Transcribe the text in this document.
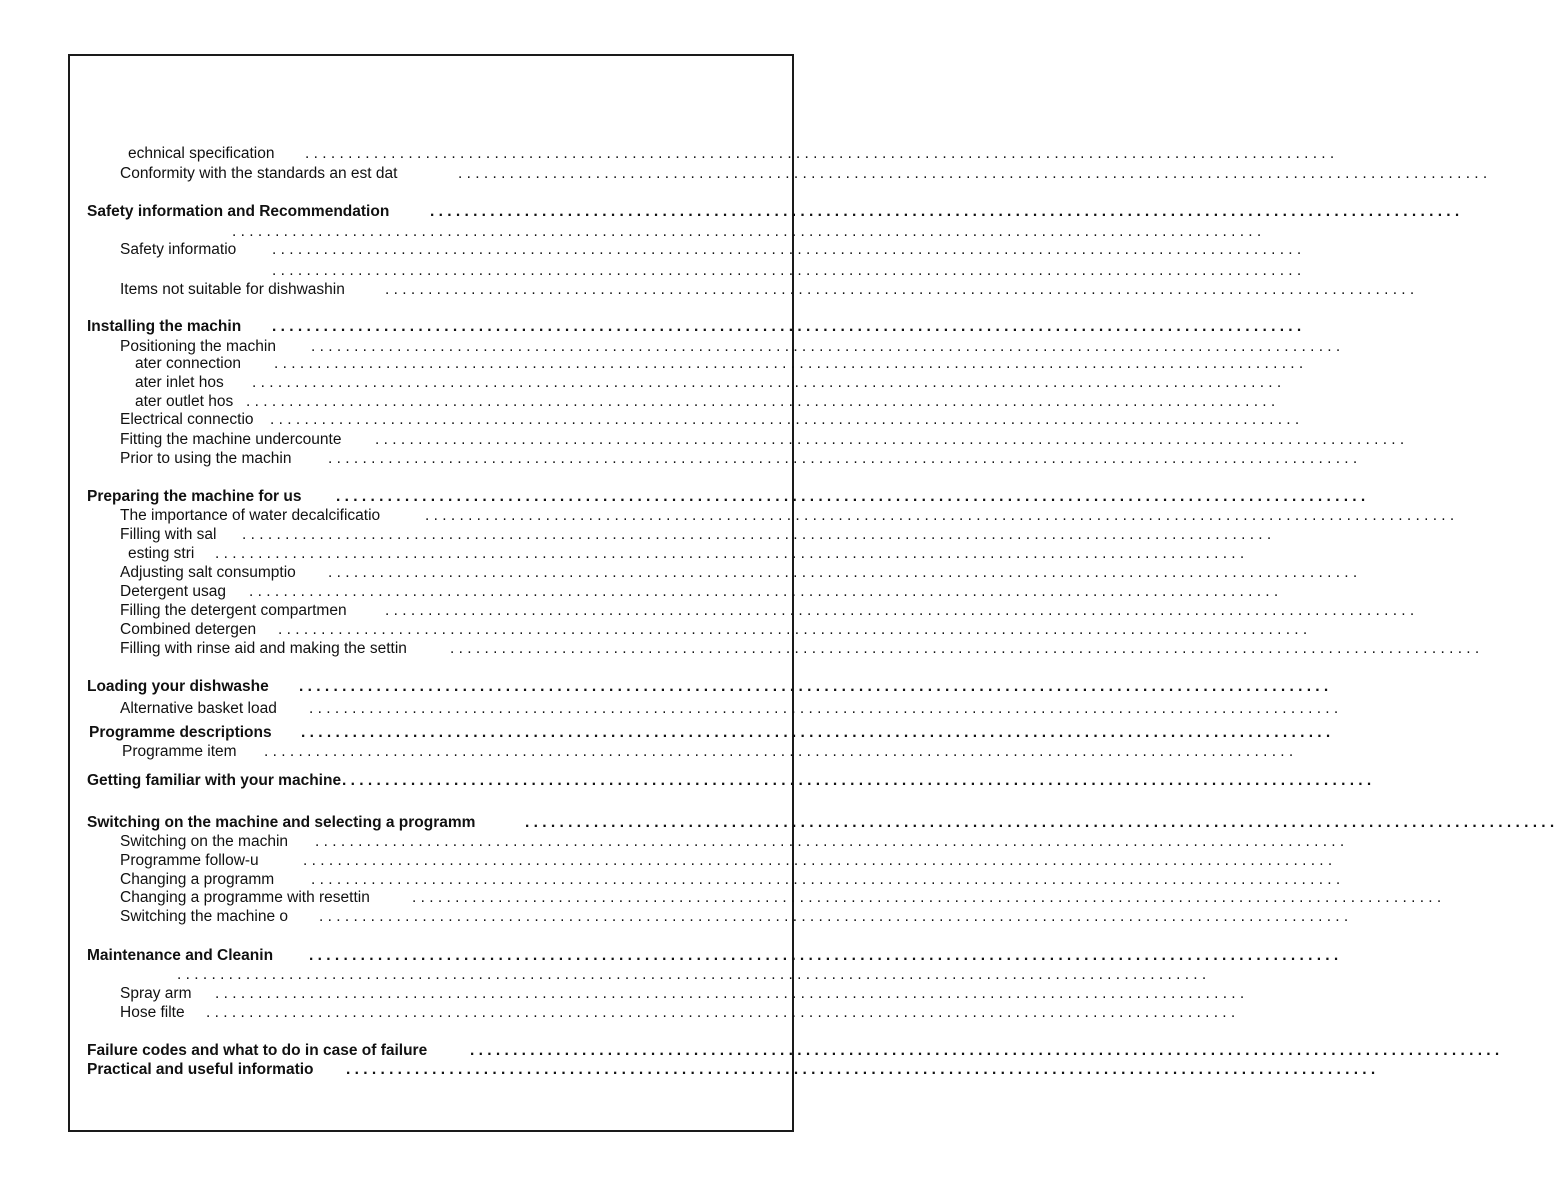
echnical specification . . . . . . . . . . . . . . . . . . . . . . . . . . . . . . . . . . . . . . . . . . . . . . . . . . . . . . . . . . . . . . . . . . . . . . . . . . . . . . . . . . . . . . . . . . . . . . . . . . . . . . . . . . . . . . . . . . . . . . . .
Conformity with the standards an est dat	. . . . . . . . . . . . . . . . . . . . . . . . . . . . . . . . . . . . . . . . . . . . . . . . . . . . . . . . . . . . . . . . . . . . . . . . . . . . . . . . . . . . . . . . . . . . . . . . . . . . . . . . . . . . . . . . . . . . . . . .
Safety information and Recommendation	. . . . . . . . . . . . . . . . . . . . . . . . . . . . . . . . . . . . . . . . . . . . . . . . . . . . . . . . . . . . . . . . . . . . . . . . . . . . . . . . . . . . . . . . . . . . . . . . . . . . . . . . . . . . . . . . . . . . . . . .
. . . . . . . . . . . . . . . . . . . . . . . . . . . . . . . . . . . . . . . . . . . . . . . . . . . . . . . . . . . . . . . . . . . . . . . . . . . . . . . . . . . . . . . . . . . . . . . . . . . . . . . . . . . . . . . . . . . . . . . .
Safety informatio . . . . . . . . . . . . . . . . . . . . . . . . . . . . . . . . . . . . . . . . . . . . . . . . . . . . . . . . . . . . . . . . . . . . . . . . . . . . . . . . . . . . . . . . . . . . . . . . . . . . . . . . . . . . . . . . . . . . . . . .
. . . . . . . . . . . . . . . . . . . . . . . . . . . . . . . . . . . . . . . . . . . . . . . . . . . . . . . . . . . . . . . . . . . . . . . . . . . . . . . . . . . . . . . . . . . . . . . . . . . . . . . . . . . . . . . . . . . . . . . .
Items not suitable for dishwashin	. . . . . . . . . . . . . . . . . . . . . . . . . . . . . . . . . . . . . . . . . . . . . . . . . . . . . . . . . . . . . . . . . . . . . . . . . . . . . . . . . . . . . . . . . . . . . . . . . . . . . . . . . . . . . . . . . . . . . . . .
Installing the machin . . . . . . . . . . . . . . . . . . . . . . . . . . . . . . . . . . . . . . . . . . . . . . . . . . . . . . . . . . . . . . . . . . . . . . . . . . . . . . . . . . . . . . . . . . . . . . . . . . . . . . . . . . . . . . . . . . . . . . . .
Positioning the machin . . . . . . . . . . . . . . . . . . . . . . . . . . . . . . . . . . . . . . . . . . . . . . . . . . . . . . . . . . . . . . . . . . . . . . . . . . . . . . . . . . . . . . . . . . . . . . . . . . . . . . . . . . . . . . . . . . . . . . . .
ater connection . . . . . . . . . . . . . . . . . . . . . . . . . . . . . . . . . . . . . . . . . . . . . . . . . . . . . . . . . . . . . . . . . . . . . . . . . . . . . . . . . . . . . . . . . . . . . . . . . . . . . . . . . . . . . . . . . . . . . . . .
ater inlet hos . . . . . . . . . . . . . . . . . . . . . . . . . . . . . . . . . . . . . . . . . . . . . . . . . . . . . . . . . . . . . . . . . . . . . . . . . . . . . . . . . . . . . . . . . . . . . . . . . . . . . . . . . . . . . . . . . . . . . . . .
ater outlet hos . . . . . . . . . . . . . . . . . . . . . . . . . . . . . . . . . . . . . . . . . . . . . . . . . . . . . . . . . . . . . . . . . . . . . . . . . . . . . . . . . . . . . . . . . . . . . . . . . . . . . . . . . . . . . . . . . . . . . . . .
Electrical connectio . . . . . . . . . . . . . . . . . . . . . . . . . . . . . . . . . . . . . . . . . . . . . . . . . . . . . . . . . . . . . . . . . . . . . . . . . . . . . . . . . . . . . . . . . . . . . . . . . . . . . . . . . . . . . . . . . . . . . . . .
Fitting the machine undercounte . . . . . . . . . . . . . . . . . . . . . . . . . . . . . . . . . . . . . . . . . . . . . . . . . . . . . . . . . . . . . . . . . . . . . . . . . . . . . . . . . . . . . . . . . . . . . . . . . . . . . . . . . . . . . . . . . . . . . . . .
Prior to using the machin . . . . . . . . . . . . . . . . . . . . . . . . . . . . . . . . . . . . . . . . . . . . . . . . . . . . . . . . . . . . . . . . . . . . . . . . . . . . . . . . . . . . . . . . . . . . . . . . . . . . . . . . . . . . . . . . . . . . . . . .
Preparing the machine for us . . . . . . . . . . . . . . . . . . . . . . . . . . . . . . . . . . . . . . . . . . . . . . . . . . . . . . . . . . . . . . . . . . . . . . . . . . . . . . . . . . . . . . . . . . . . . . . . . . . . . . . . . . . . . . . . . . . . . . . .
The importance of water decalcificatio	. . . . . . . . . . . . . . . . . . . . . . . . . . . . . . . . . . . . . . . . . . . . . . . . . . . . . . . . . . . . . . . . . . . . . . . . . . . . . . . . . . . . . . . . . . . . . . . . . . . . . . . . . . . . . . . . . . . . . . . .
Filling with sal . . . . . . . . . . . . . . . . . . . . . . . . . . . . . . . . . . . . . . . . . . . . . . . . . . . . . . . . . . . . . . . . . . . . . . . . . . . . . . . . . . . . . . . . . . . . . . . . . . . . . . . . . . . . . . . . . . . . . . . .
esting stri . . . . . . . . . . . . . . . . . . . . . . . . . . . . . . . . . . . . . . . . . . . . . . . . . . . . . . . . . . . . . . . . . . . . . . . . . . . . . . . . . . . . . . . . . . . . . . . . . . . . . . . . . . . . . . . . . . . . . . . .
Adjusting salt consumptio . . . . . . . . . . . . . . . . . . . . . . . . . . . . . . . . . . . . . . . . . . . . . . . . . . . . . . . . . . . . . . . . . . . . . . . . . . . . . . . . . . . . . . . . . . . . . . . . . . . . . . . . . . . . . . . . . . . . . . . .
Detergent usag . . . . . . . . . . . . . . . . . . . . . . . . . . . . . . . . . . . . . . . . . . . . . . . . . . . . . . . . . . . . . . . . . . . . . . . . . . . . . . . . . . . . . . . . . . . . . . . . . . . . . . . . . . . . . . . . . . . . . . . .
Filling the detergent compartmen . . . . . . . . . . . . . . . . . . . . . . . . . . . . . . . . . . . . . . . . . . . . . . . . . . . . . . . . . . . . . . . . . . . . . . . . . . . . . . . . . . . . . . . . . . . . . . . . . . . . . . . . . . . . . . . . . . . . . . . .
Combined detergen . . . . . . . . . . . . . . . . . . . . . . . . . . . . . . . . . . . . . . . . . . . . . . . . . . . . . . . . . . . . . . . . . . . . . . . . . . . . . . . . . . . . . . . . . . . . . . . . . . . . . . . . . . . . . . . . . . . . . . . .
Filling with rinse aid and making the settin	. . . . . . . . . . . . . . . . . . . . . . . . . . . . . . . . . . . . . . . . . . . . . . . . . . . . . . . . . . . . . . . . . . . . . . . . . . . . . . . . . . . . . . . . . . . . . . . . . . . . . . . . . . . . . . . . . . . . . . . .
Loading your dishwashe . . . . . . . . . . . . . . . . . . . . . . . . . . . . . . . . . . . . . . . . . . . . . . . . . . . . . . . . . . . . . . . . . . . . . . . . . . . . . . . . . . . . . . . . . . . . . . . . . . . . . . . . . . . . . . . . . . . . . . . .
Alternative basket load . . . . . . . . . . . . . . . . . . . . . . . . . . . . . . . . . . . . . . . . . . . . . . . . . . . . . . . . . . . . . . . . . . . . . . . . . . . . . . . . . . . . . . . . . . . . . . . . . . . . . . . . . . . . . . . . . . . . . . . .
Programme descriptions . . . . . . . . . . . . . . . . . . . . . . . . . . . . . . . . . . . . . . . . . . . . . . . . . . . . . . . . . . . . . . . . . . . . . . . . . . . . . . . . . . . . . . . . . . . . . . . . . . . . . . . . . . . . . . . . . . . . . . . .
Programme item . . . . . . . . . . . . . . . . . . . . . . . . . . . . . . . . . . . . . . . . . . . . . . . . . . . . . . . . . . . . . . . . . . . . . . . . . . . . . . . . . . . . . . . . . . . . . . . . . . . . . . . . . . . . . . . . . . . . . . . .
Getting familiar with your machine . . . . . . . . . . . . . . . . . . . . . . . . . . . . . . . . . . . . . . . . . . . . . . . . . . . . . . . . . . . . . . . . . . . . . . . . . . . . . . . . . . . . . . . . . . . . . . . . . . . . . . . . . . . . . . . . . . . . . . . .
Switching on the machine and selecting a programm	. . . . . . . . . . . . . . . . . . . . . . . . . . . . . . . . . . . . . . . . . . . . . . . . . . . . . . . . . . . . . . . . . . . . . . . . . . . . . . . . . . . . . . . . . . . . . . . . . . . . . . . . . . . . . . . . . . . . . . . .
Switching on the machin . . . . . . . . . . . . . . . . . . . . . . . . . . . . . . . . . . . . . . . . . . . . . . . . . . . . . . . . . . . . . . . . . . . . . . . . . . . . . . . . . . . . . . . . . . . . . . . . . . . . . . . . . . . . . . . . . . . . . . . .
Programme follow-u	. . . . . . . . . . . . . . . . . . . . . . . . . . . . . . . . . . . . . . . . . . . . . . . . . . . . . . . . . . . . . . . . . . . . . . . . . . . . . . . . . . . . . . . . . . . . . . . . . . . . . . . . . . . . . . . . . . . . . . . .
Changing a programm . . . . . . . . . . . . . . . . . . . . . . . . . . . . . . . . . . . . . . . . . . . . . . . . . . . . . . . . . . . . . . . . . . . . . . . . . . . . . . . . . . . . . . . . . . . . . . . . . . . . . . . . . . . . . . . . . . . . . . . .
Changing a programme with resettin	. . . . . . . . . . . . . . . . . . . . . . . . . . . . . . . . . . . . . . . . . . . . . . . . . . . . . . . . . . . . . . . . . . . . . . . . . . . . . . . . . . . . . . . . . . . . . . . . . . . . . . . . . . . . . . . . . . . . . . . .
Switching the machine o . . . . . . . . . . . . . . . . . . . . . . . . . . . . . . . . . . . . . . . . . . . . . . . . . . . . . . . . . . . . . . . . . . . . . . . . . . . . . . . . . . . . . . . . . . . . . . . . . . . . . . . . . . . . . . . . . . . . . . . .
Maintenance and Cleanin . . . . . . . . . . . . . . . . . . . . . . . . . . . . . . . . . . . . . . . . . . . . . . . . . . . . . . . . . . . . . . . . . . . . . . . . . . . . . . . . . . . . . . . . . . . . . . . . . . . . . . . . . . . . . . . . . . . . . . . .
. . . . . . . . . . . . . . . . . . . . . . . . . . . . . . . . . . . . . . . . . . . . . . . . . . . . . . . . . . . . . . . . . . . . . . . . . . . . . . . . . . . . . . . . . . . . . . . . . . . . . . . . . . . . . . . . . . . . . . . .
Spray arm . . . . . . . . . . . . . . . . . . . . . . . . . . . . . . . . . . . . . . . . . . . . . . . . . . . . . . . . . . . . . . . . . . . . . . . . . . . . . . . . . . . . . . . . . . . . . . . . . . . . . . . . . . . . . . . . . . . . . . . .
Hose filte . . . . . . . . . . . . . . . . . . . . . . . . . . . . . . . . . . . . . . . . . . . . . . . . . . . . . . . . . . . . . . . . . . . . . . . . . . . . . . . . . . . . . . . . . . . . . . . . . . . . . . . . . . . . . . . . . . . . . . . .
Failure codes and what to do in case of failure	. . . . . . . . . . . . . . . . . . . . . . . . . . . . . . . . . . . . . . . . . . . . . . . . . . . . . . . . . . . . . . . . . . . . . . . . . . . . . . . . . . . . . . . . . . . . . . . . . . . . . . . . . . . . . . . . . . . . . . . .
Practical and useful informatio . . . . . . . . . . . . . . . . . . . . . . . . . . . . . . . . . . . . . . . . . . . . . . . . . . . . . . . . . . . . . . . . . . . . . . . . . . . . . . . . . . . . . . . . . . . . . . . . . . . . . . . . . . . . . . . . . . . . . . . .
